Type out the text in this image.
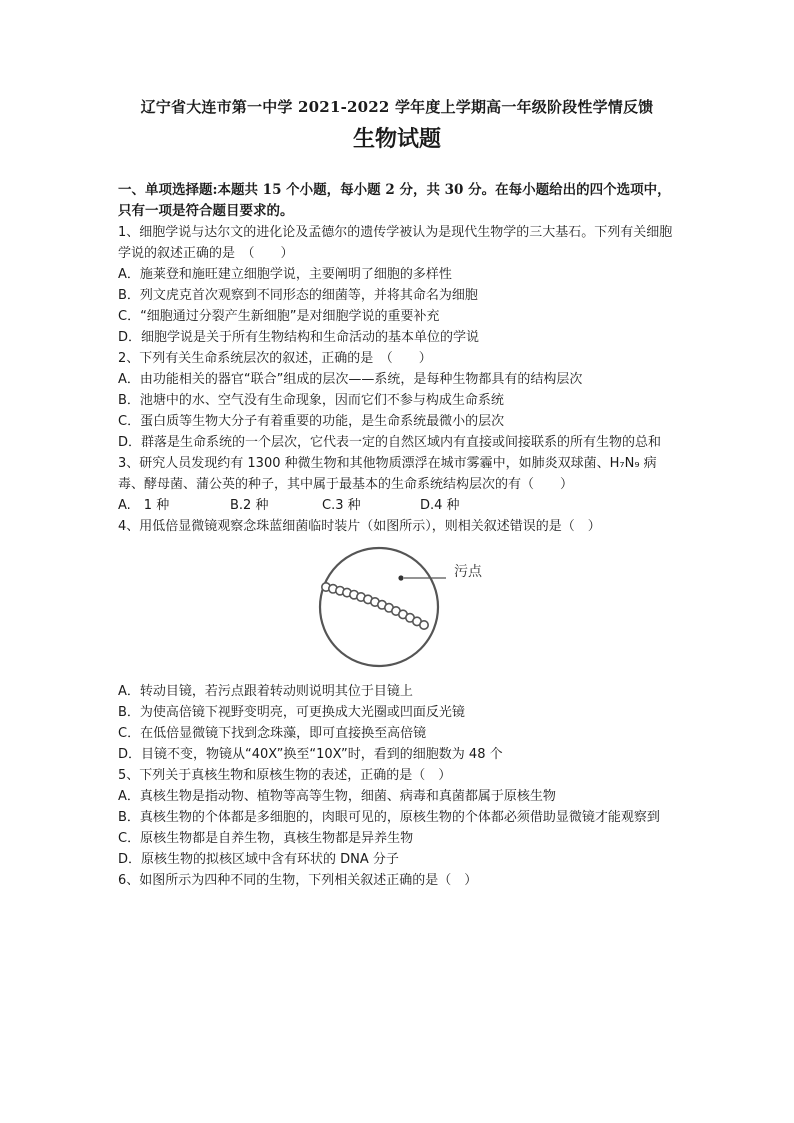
辽宁省大连市第一中学 2021-2022 学年度上学期高一年级阶段性学情反馈
生物试题
一、单项选择题:本题共 15 个小题，每小题 2 分，共 30 分。在每小题给出的四个选项中，只有一项是符合题目要求的。
1、细胞学说与达尔文的进化论及孟德尔的遗传学被认为是现代生物学的三大基石。下列有关细胞学说的叙述正确的是　（　　）
A．施莱登和施旺建立细胞学说，主要阐明了细胞的多样性
B．列文虎克首次观察到不同形态的细菌等，并将其命名为细胞
C．“细胞通过分裂产生新细胞”是对细胞学说的重要补充
D．细胞学说是关于所有生物结构和生命活动的基本单位的学说
2、下列有关生命系统层次的叙述，正确的是　（　　）
A．由功能相关的器官“联合”组成的层次——系统，是每种生物都具有的结构层次
B．池塘中的水、空气没有生命现象，因而它们不参与构成生命系统
C．蛋白质等生物大分子有着重要的功能，是生命系统最微小的层次
D．群落是生命系统的一个层次，它代表一定的自然区域内有直接或间接联系的所有生物的总和
3、研究人员发现约有 1300 种微生物和其他物质漂浮在城市雾霾中，如肺炎双球菌、H₇N₉ 病毒、酵母菌、蒲公英的种子，其中属于最基本的生命系统结构层次的有（　　）
A.　1 种	B.2 种	C.3 种	D.4 种
4、用低倍显微镜观察念珠蓝细菌临时装片（如图所示），则相关叙述错误的是（　）
污点
A．转动目镜，若污点跟着转动则说明其位于目镜上
B．为使高倍镜下视野变明亮，可更换成大光圈或凹面反光镜
C．在低倍显微镜下找到念珠藻，即可直接换至高倍镜
D．目镜不变，物镜从“40X”换至“10X”时，看到的细胞数为 48 个
5、下列关于真核生物和原核生物的表述，正确的是（　）
A．真核生物是指动物、植物等高等生物，细菌、病毒和真菌都属于原核生物
B．真核生物的个体都是多细胞的，肉眼可见的，原核生物的个体都必须借助显微镜才能观察到
C．原核生物都是自养生物，真核生物都是异养生物
D．原核生物的拟核区域中含有环状的 DNA 分子
6、如图所示为四种不同的生物，下列相关叙述正确的是（　）
